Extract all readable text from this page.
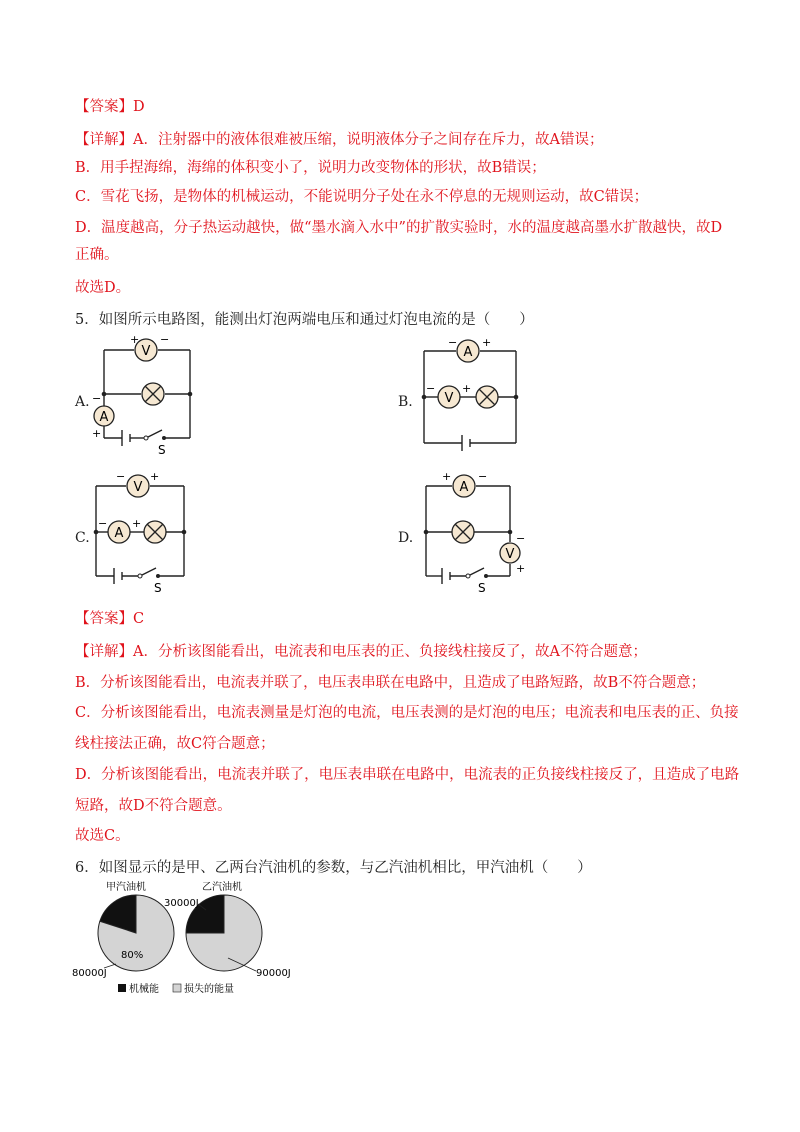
【答案】D
【详解】A．注射器中的液体很难被压缩，说明液体分子之间存在斥力，故A错误；
B．用手捏海绵，海绵的体积变小了，说明力改变物体的形状，故B错误；
C．雪花飞扬，是物体的机械运动，不能说明分子处在永不停息的无规则运动，故C错误；
D．温度越高，分子热运动越快，做“墨水滴入水中”的扩散实验时，水的温度越高墨水扩散越快，故D
正确。
故选D。
5．如图所示电路图，能测出灯泡两端电压和通过灯泡电流的是（　　）
A.
V
+ −
A
−
+
S
B.
A
− +
V
− +
C.
V
− +
A
− +
S
D.
A
+ −
V
−
+
S
【答案】C
【详解】A．分析该图能看出，电流表和电压表的正、负接线柱接反了，故A不符合题意；
B．分析该图能看出，电流表并联了，电压表串联在电路中，且造成了电路短路，故B不符合题意；
C．分析该图能看出，电流表测量是灯泡的电流，电压表测的是灯泡的电压；电流表和电压表的正、负接
线柱接法正确，故C符合题意；
D．分析该图能看出，电流表并联了，电压表串联在电路中，电流表的正负接线柱接反了，且造成了电路
短路，故D不符合题意。
故选C。
6．如图显示的是甲、乙两台汽油机的参数，与乙汽油机相比，甲汽油机（　　）
甲汽油机	乙汽油机
80%
80000J
30000J
90000J
机械能	损失的能量
